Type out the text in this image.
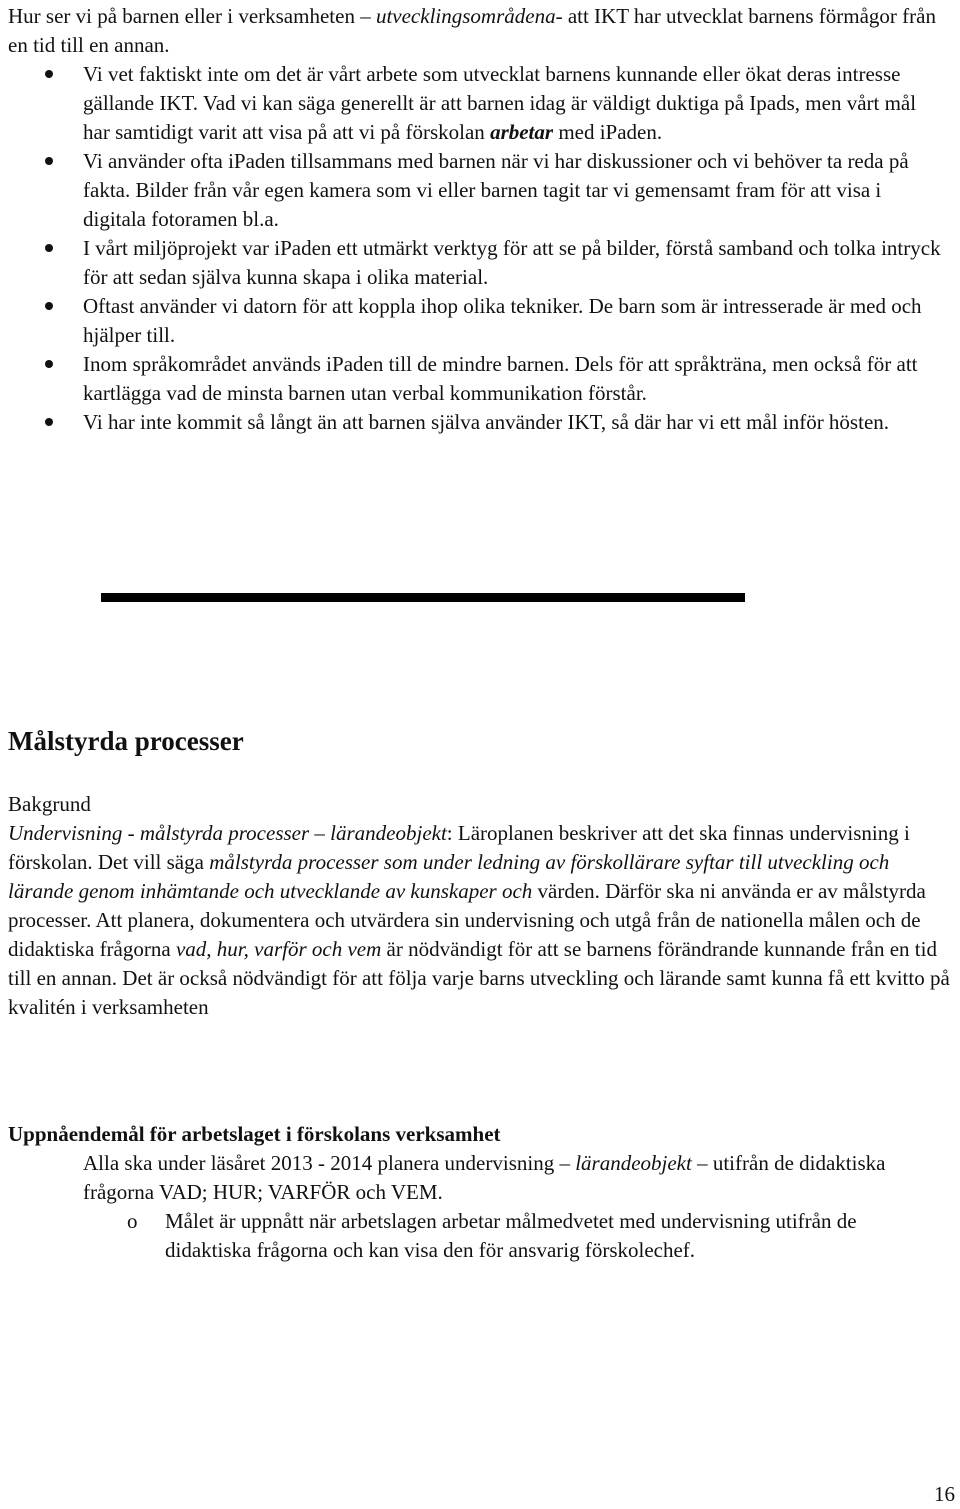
Hur ser vi på barnen eller i verksamheten – utvecklingsområdena- att IKT har utvecklat barnens förmågor från en tid till en annan.

Vi vet faktiskt inte om det är vårt arbete som utvecklat barnens kunnande eller ökat deras intresse gällande IKT. Vad vi kan säga generellt är att barnen idag är väldigt duktiga på Ipads, men vårt mål har samtidigt varit att visa på att vi på förskolan arbetar med iPaden.
Vi använder ofta iPaden tillsammans med barnen när vi har diskussioner och vi behöver ta reda på fakta. Bilder från vår egen kamera som vi eller barnen tagit tar vi gemensamt fram för att visa i digitala fotoramen bl.a.
I vårt miljöprojekt var iPaden ett utmärkt verktyg för att se på bilder, förstå samband och tolka intryck för att sedan själva kunna skapa i olika material.
Oftast använder vi datorn för att koppla ihop olika tekniker. De barn som är intresserade är med och hjälper till.
Inom språkområdet används iPaden till de mindre barnen. Dels för att språkträna, men också för att kartlägga vad de minsta barnen utan verbal kommunikation förstår.
Vi har inte kommit så långt än att barnen själva använder IKT, så där har vi ett mål inför hösten.
Målstyrda processer

Bakgrund

Undervisning - målstyrda processer – lärandeobjekt: Läroplanen beskriver att det ska finnas undervisning i förskolan. Det vill säga målstyrda processer som under ledning av förskollärare syftar till utveckling och lärande genom inhämtande och utvecklande av kunskaper och värden. Därför ska ni använda er av målstyrda processer. Att planera, dokumentera och utvärdera sin undervisning och utgå från de nationella målen och de didaktiska frågorna vad, hur, varför och vem är nödvändigt för att se barnens förändrande kunnande från en tid till en annan. Det är också nödvändigt för att följa varje barns utveckling och lärande samt kunna få ett kvitto på kvalitén i verksamheten

Uppnåendemål för arbetslaget i förskolans verksamhet

Alla ska under läsåret 2013 - 2014 planera undervisning – lärandeobjekt – utifrån de didaktiska frågorna VAD; HUR; VARFÖR och VEM.

o Målet är uppnått när arbetslagen arbetar målmedvetet med undervisning utifrån de didaktiska frågorna och kan visa den för ansvarig förskolechef.

16
